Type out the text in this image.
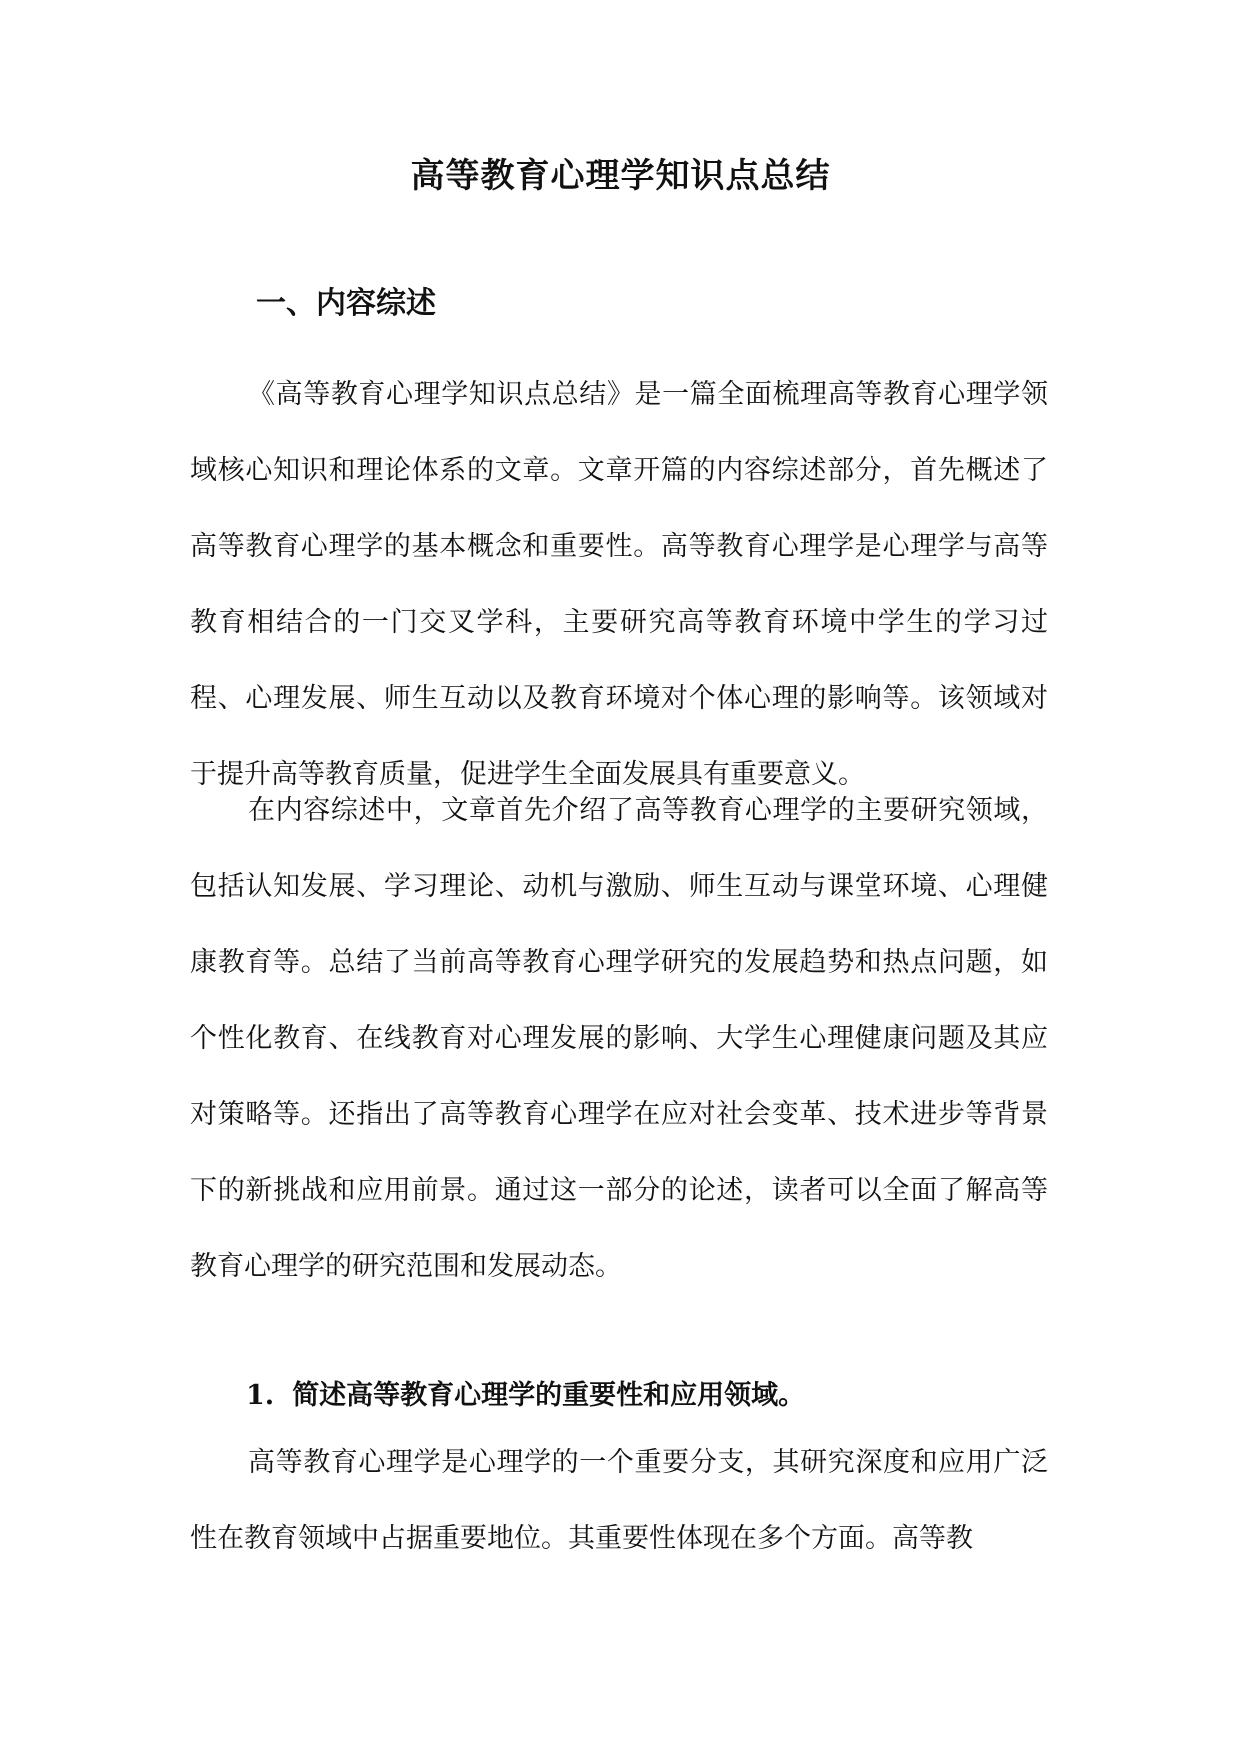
高等教育心理学知识点总结
一、内容综述

《高等教育心理学知识点总结》是一篇全面梳理高等教育心理学领域核心知识和理论体系的文章。文章开篇的内容综述部分，首先概述了高等教育心理学的基本概念和重要性。高等教育心理学是心理学与高等教育相结合的一门交叉学科，主要研究高等教育环境中学生的学习过程、心理发展、师生互动以及教育环境对个体心理的影响等。该领域对于提升高等教育质量，促进学生全面发展具有重要意义。

在内容综述中，文章首先介绍了高等教育心理学的主要研究领域，包括认知发展、学习理论、动机与激励、师生互动与课堂环境、心理健康教育等。总结了当前高等教育心理学研究的发展趋势和热点问题，如个性化教育、在线教育对心理发展的影响、大学生心理健康问题及其应对策略等。还指出了高等教育心理学在应对社会变革、技术进步等背景下的新挑战和应用前景。通过这一部分的论述，读者可以全面了解高等教育心理学的研究范围和发展动态。

1. 简述高等教育心理学的重要性和应用领域。

高等教育心理学是心理学的一个重要分支，其研究深度和应用广泛性在教育领域中占据重要地位。其重要性体现在多个方面。高等教
